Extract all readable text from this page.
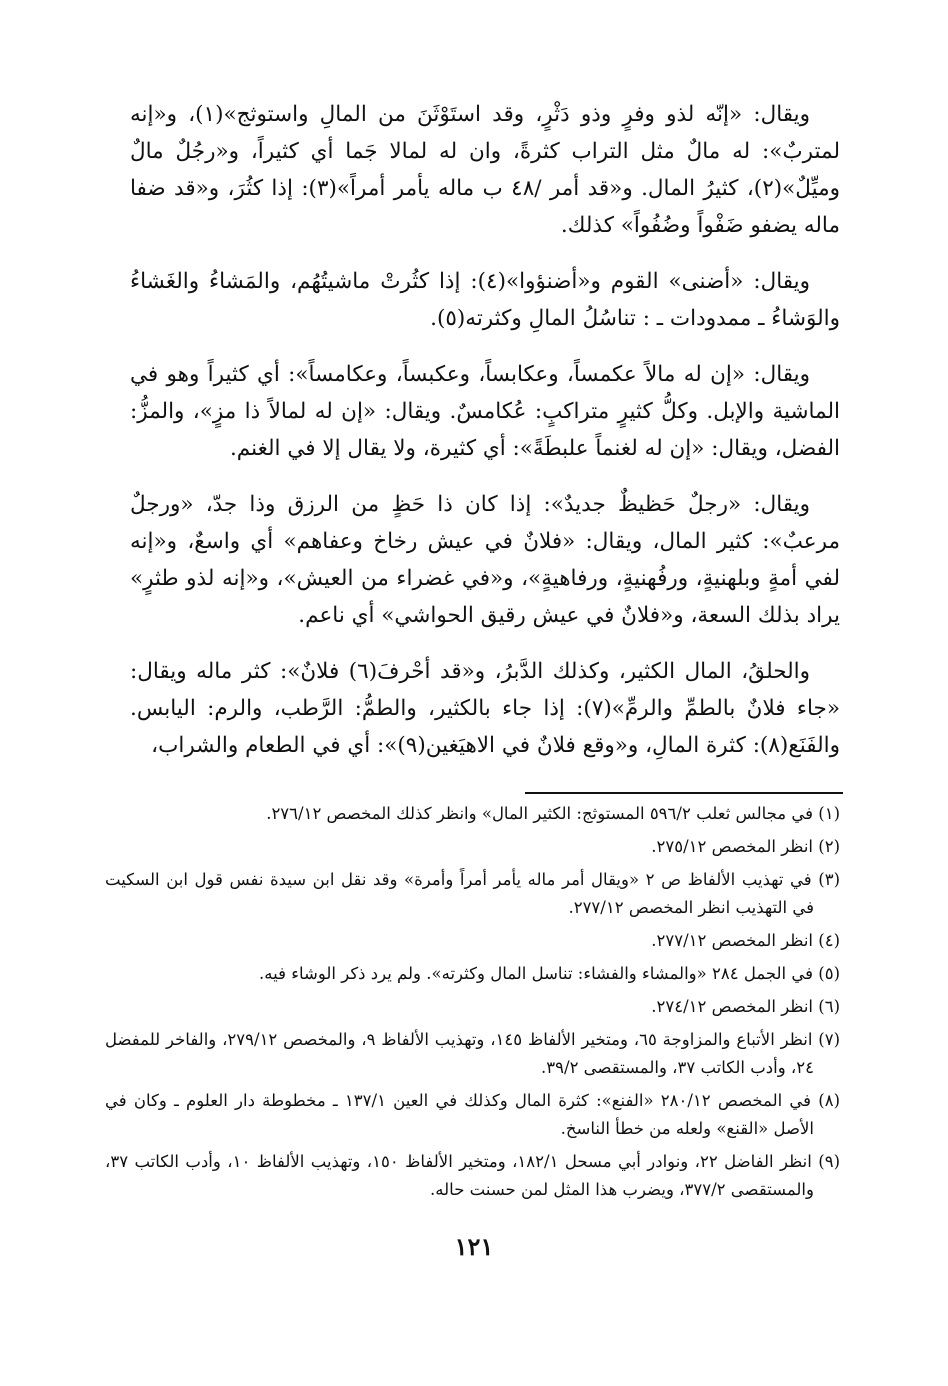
ويقال: «إنّه لذو وفرٍ وذو دَثْرٍ، وقد استَوْثَنَ من المالِ واستوثج»(١)، و«إنه لمتربٌ»: له مالٌ مثل التراب كثرةً، وان له لمالا جَما أي كثيراً، و«رجُلٌ مالٌ وميِّلٌ»(٢)، كثيرُ المال. و«قد أمر /٤٨ ب ماله يأمر أمراً»(٣): إذا كثُرَ، و«قد ضفا ماله يضفو ضَفْواً وضُفُواً» كذلك.

ويقال: «أضنى» القوم و«أضنؤوا»(٤): إذا كثُرتْ ماشيتُهُم، والمَشاءُ والغَشاءُ والوَشاءُ ـ ممدودات ـ : تناسُلُ المالِ وكثرته(٥).

ويقال: «إن له مالاً عكمساً، وعكابساً، وعكبساً، وعكامساً»: أي كثيراً وهو في الماشية والإبل. وكلُّ كثيرٍ متراكبٍ: عُكامسٌ. ويقال: «إن له لمالاً ذا مزٍ»، والمزُّ: الفضل، ويقال: «إن له لغنماً علبطَةً»: أي كثيرة، ولا يقال إلا في الغنم.

ويقال: «رجلٌ حَظيظٌ جديدٌ»: إذا كان ذا حَظٍ من الرزق وذا جدّ، «ورجلٌ مرعبٌ»: كثير المال، ويقال: «فلانٌ في عيش رخاخ وعفاهم» أي واسعٌ، و«إنه لفي أمةٍ وبلهنيةٍ، ورفُهنيةٍ، ورفاهيةٍ»، و«في غضراء من العيش»، و«إنه لذو طثرٍ» يراد بذلك السعة، و«فلانٌ في عيش رقيق الحواشي» أي ناعم.

والحلقُ، المال الكثير، وكذلك الدَّبرُ، و«قد أحْرفَ(٦) فلانٌ»: كثر ماله ويقال: «جاء فلانٌ بالطمِّ والرمِّ»(٧): إذا جاء بالكثير، والطمُّ: الرَّطب، والرم: اليابس. والفَنَع(٨): كثرة المالِ، و«وقع فلانٌ في الاهيَغين(٩)»: أي في الطعام والشراب،

(١) في مجالس ثعلب ٥٩٦/٢ المستوثج: الكثير المال» وانظر كذلك المخصص ٢٧٦/١٢.
(٢) انظر المخصص ٢٧٥/١٢.
(٣) في تهذيب الألفاظ ص ٢ «ويقال أمر ماله يأمر أمراً وأمرة» وقد نقل ابن سيدة نفس قول ابن السكيت في التهذيب انظر المخصص ٢٧٧/١٢.
(٤) انظر المخصص ٢٧٧/١٢.
(٥) في الجمل ٢٨٤ «والمشاء والفشاء: تناسل المال وكثرته». ولم يرد ذكر الوشاء فيه.
(٦) انظر المخصص ٢٧٤/١٢.
(٧) انظر الأتباع والمزاوجة ٦٥، ومتخير الألفاظ ١٤٥، وتهذيب الألفاظ ٩، والمخصص ٢٧٩/١٢، والفاخر للمفضل ٢٤، وأدب الكاتب ٣٧، والمستقصى ٣٩/٢.
(٨) في المخصص ٢٨٠/١٢ «الفنع»: كثرة المال وكذلك في العين ١٣٧/١ ـ مخطوطة دار العلوم ـ وكان في الأصل «القنع» ولعله من خطأ الناسخ.
(٩) انظر الفاضل ٢٢، ونوادر أبي مسحل ١٨٢/١، ومتخير الألفاظ ١٥٠، وتهذيب الألفاظ ١٠، وأدب الكاتب ٣٧، والمستقصى ٣٧٧/٢، ويضرب هذا المثل لمن حسنت حاله.
١٢١
